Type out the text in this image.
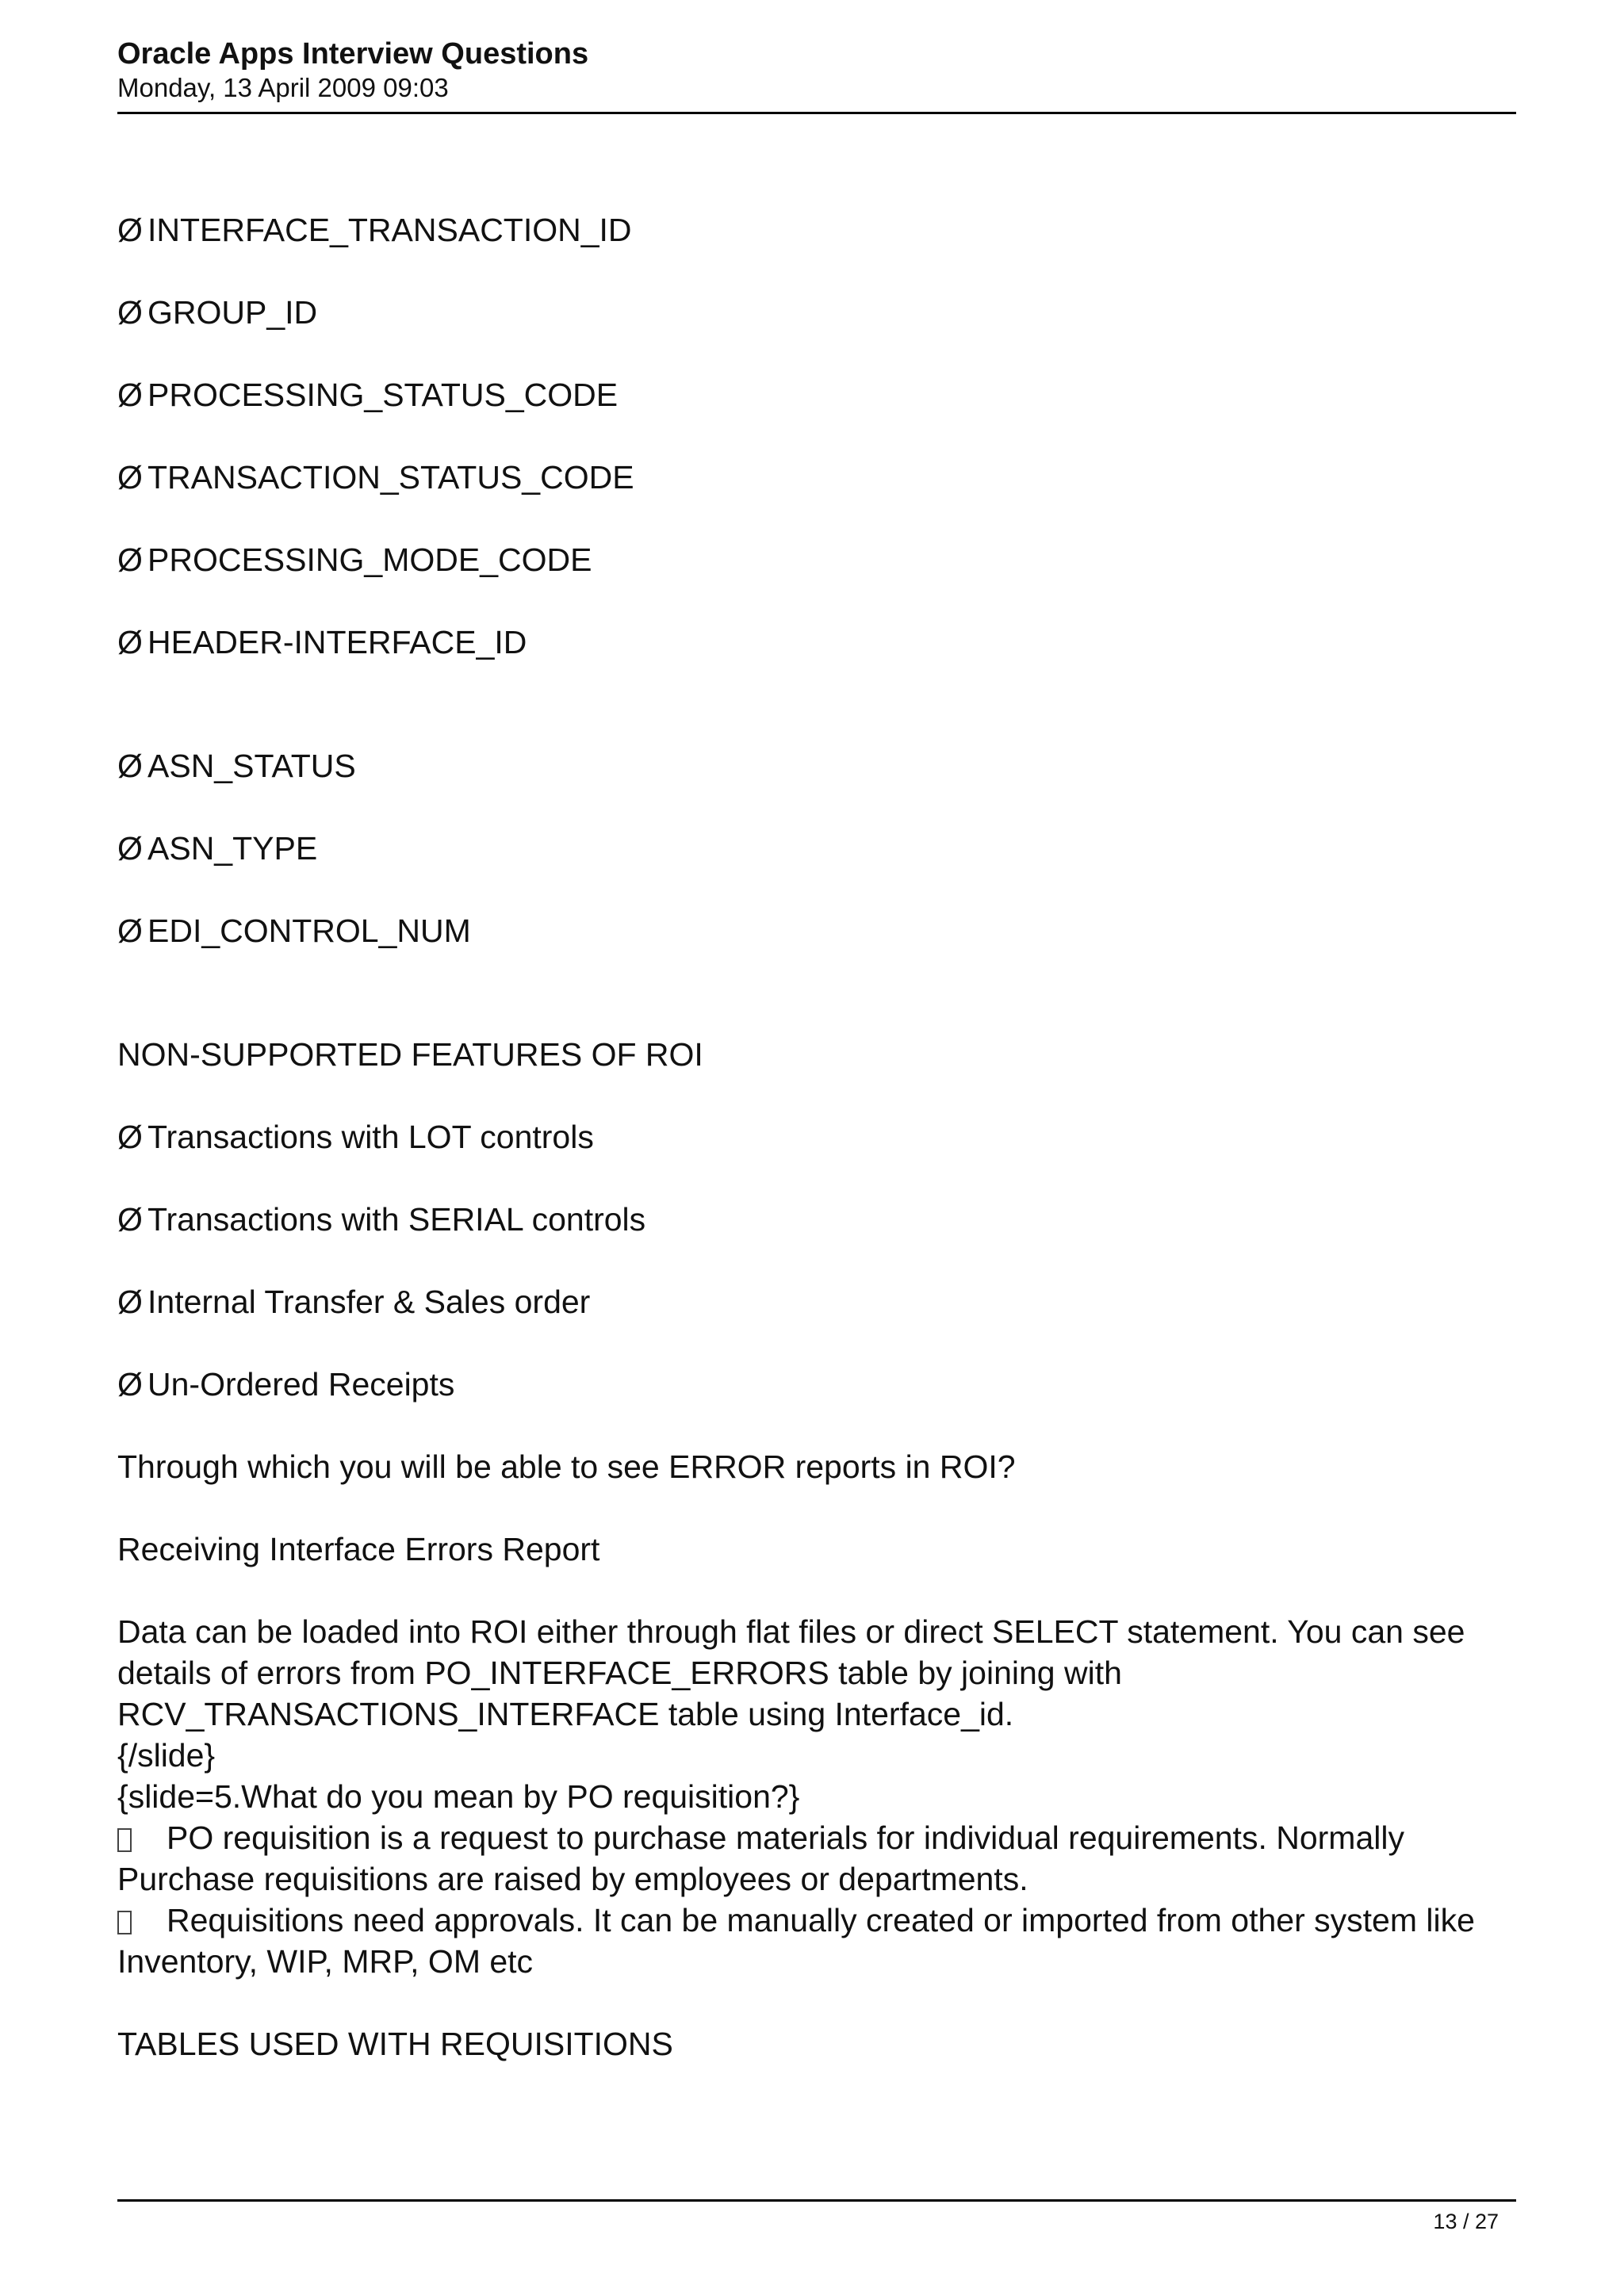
Oracle Apps Interview Questions
Monday, 13 April 2009 09:03
Ø INTERFACE_TRANSACTION_ID
Ø GROUP_ID
Ø PROCESSING_STATUS_CODE
Ø TRANSACTION_STATUS_CODE
Ø PROCESSING_MODE_CODE
Ø HEADER-INTERFACE_ID
Ø ASN_STATUS
Ø ASN_TYPE
Ø EDI_CONTROL_NUM
NON-SUPPORTED FEATURES OF ROI
Ø Transactions with LOT controls
Ø Transactions with SERIAL controls
Ø Internal Transfer & Sales order
Ø Un-Ordered Receipts
Through which you will be able to see ERROR reports in ROI?
Receiving Interface Errors Report
Data can be loaded into ROI either through flat files or direct SELECT statement. You can see details of errors from PO_INTERFACE_ERRORS table by joining with RCV_TRANSACTIONS_INTERFACE table using Interface_id.
{/slide}
{slide=5.What do you mean by PO requisition?}
PO requisition is a request to purchase materials for individual requirements. Normally Purchase requisitions are raised by employees or departments.
Requisitions need approvals. It can be manually created or imported from other system like Inventory, WIP, MRP, OM etc
TABLES USED WITH REQUISITIONS
13 / 27
